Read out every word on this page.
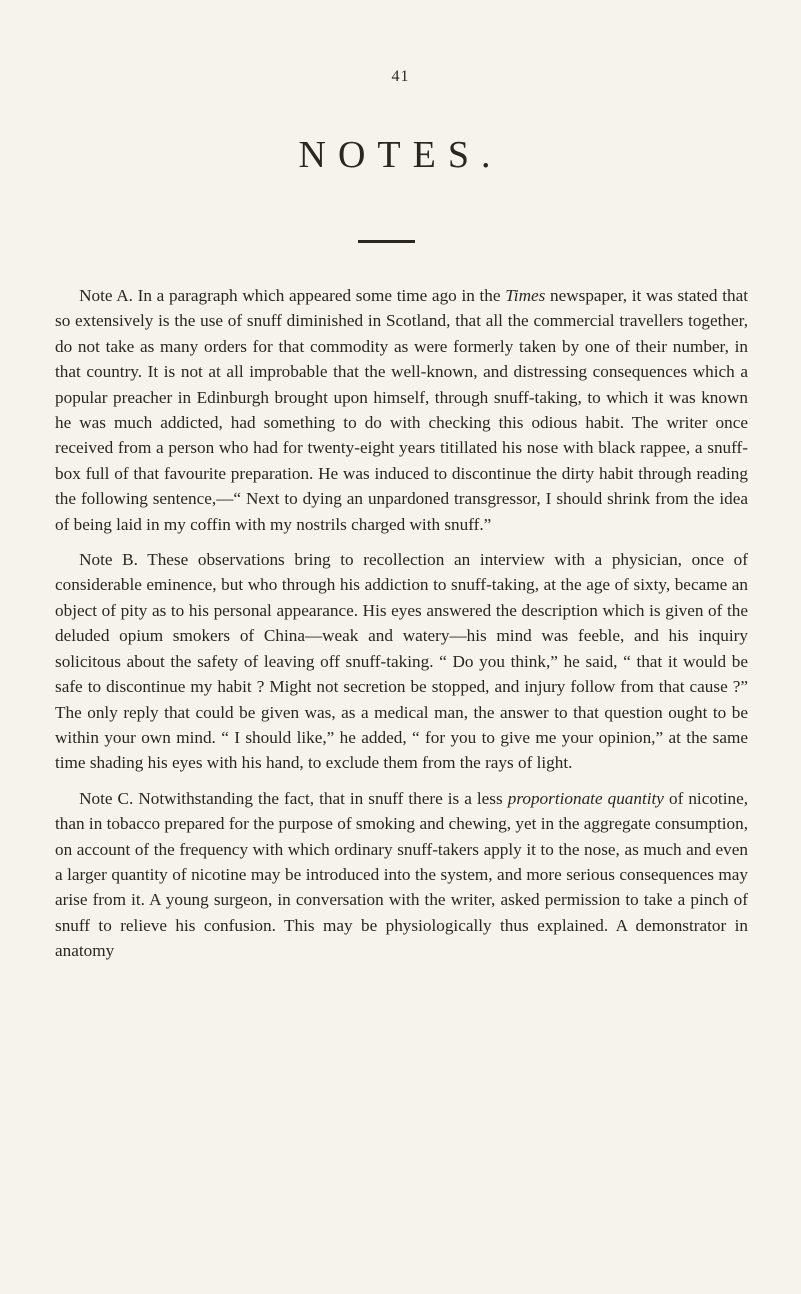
41
NOTES.

Note A. In a paragraph which appeared some time ago in the Times newspaper, it was stated that so extensively is the use of snuff diminished in Scotland, that all the commercial travellers together, do not take as many orders for that commodity as were formerly taken by one of their number, in that country. It is not at all improbable that the well-known, and distressing consequences which a popular preacher in Edinburgh brought upon himself, through snuff-taking, to which it was known he was much addicted, had something to do with checking this odious habit. The writer once received from a person who had for twenty-eight years titillated his nose with black rappee, a snuff-box full of that favourite preparation. He was induced to discontinue the dirty habit through reading the following sentence,—“ Next to dying an unpardoned transgressor, I should shrink from the idea of being laid in my coffin with my nostrils charged with snuff.”

Note B. These observations bring to recollection an interview with a physician, once of considerable eminence, but who through his addiction to snuff-taking, at the age of sixty, became an object of pity as to his personal appearance. His eyes answered the description which is given of the deluded opium smokers of China—weak and watery—his mind was feeble, and his inquiry solicitous about the safety of leaving off snuff-taking. “ Do you think,” he said, “ that it would be safe to discontinue my habit ? Might not secretion be stopped, and injury follow from that cause ?” The only reply that could be given was, as a medical man, the answer to that question ought to be within your own mind. “ I should like,” he added, “ for you to give me your opinion,” at the same time shading his eyes with his hand, to exclude them from the rays of light.

Note C. Notwithstanding the fact, that in snuff there is a less proportionate quantity of nicotine, than in tobacco prepared for the purpose of smoking and chewing, yet in the aggregate consumption, on account of the frequency with which ordinary snuff-takers apply it to the nose, as much and even a larger quantity of nicotine may be introduced into the system, and more serious consequences may arise from it. A young surgeon, in conversation with the writer, asked permission to take a pinch of snuff to relieve his confusion. This may be physiologically thus explained. A demonstrator in anatomy
